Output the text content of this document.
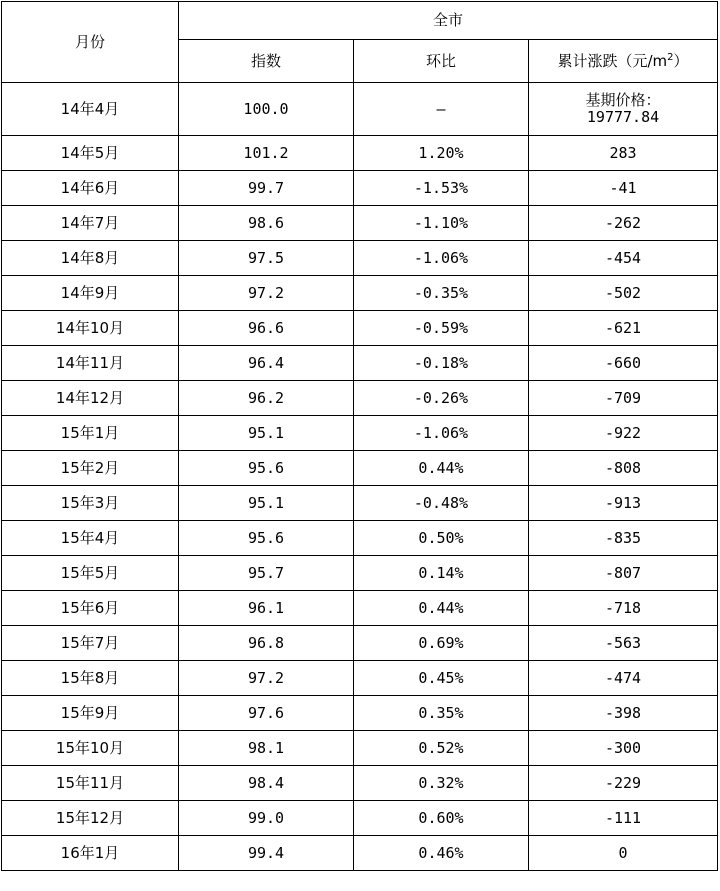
月份	全市		
	指数	环比	累计涨跌（元$/m^2$）
14年4月	100.0	—	基期价格：
19777.84

14年5月	101.2	1.20%	283
14年6月	99.7	-1.53%	-41
14年7月	98.6	-1.10%	-262
14年8月	97.5	-1.06%	-454
14年9月	97.2	-0.35%	-502
14年10月	96.6	-0.59%	-621
14年11月	96.4	-0.18%	-660
14年12月	96.2	-0.26%	-709
15年1月	95.1	-1.06%	-922
15年2月	95.6	0.44%	-808
15年3月	95.1	-0.48%	-913
15年4月	95.6	0.50%	-835
15年5月	95.7	0.14%	-807
15年6月	96.1	0.44%	-718
15年7月	96.8	0.69%	-563
15年8月	97.2	0.45%	-474
15年9月	97.6	0.35%	-398
15年10月	98.1	0.52%	-300
15年11月	98.4	0.32%	-229
15年12月	99.0	0.60%	-111
16年1月	99.4	0.46%	0
